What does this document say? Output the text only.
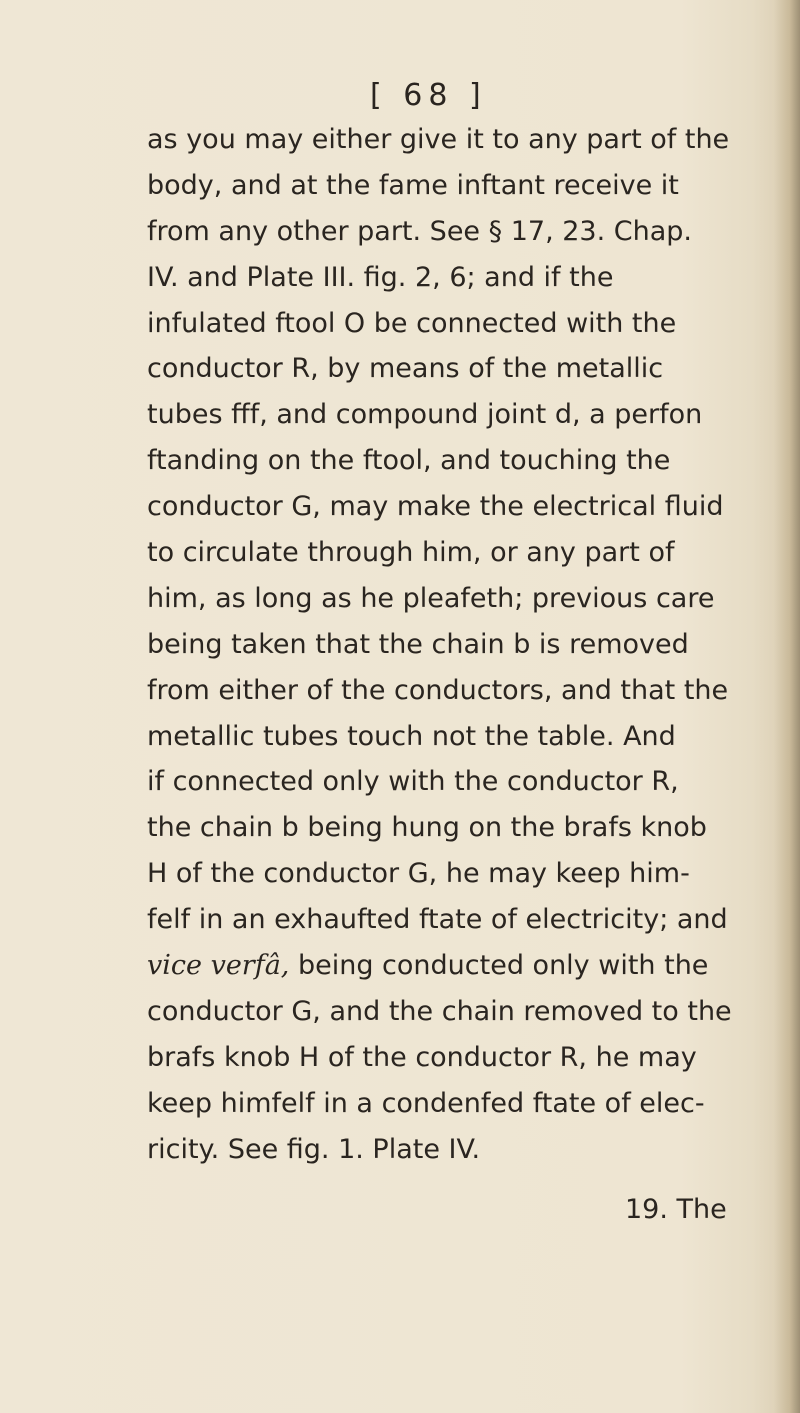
[ 68 ]
as you may either give it to any part of the
body, and at the fame inftant receive it
from any other part. See § 17, 23. Chap.
IV. and Plate III. fig. 2, 6; and if the
infulated ftool O be connected with the
conductor R, by means of the metallic
tubes fff, and compound joint d, a perfon
ftanding on the ftool, and touching the
conductor G, may make the electrical fluid
to circulate through him, or any part of
him, as long as he pleafeth; previous care
being taken that the chain b is removed
from either of the conductors, and that the
metallic tubes touch not the table. And
if connected only with the conductor R,
the chain b being hung on the brafs knob
H of the conductor G, he may keep him-
felf in an exhaufted ftate of electricity; and
vice verfâ, being conducted only with the
conductor G, and the chain removed to the
brafs knob H of the conductor R, he may
keep himfelf in a condenfed ftate of elec-
ricity. See fig. 1. Plate IV.
19. The
